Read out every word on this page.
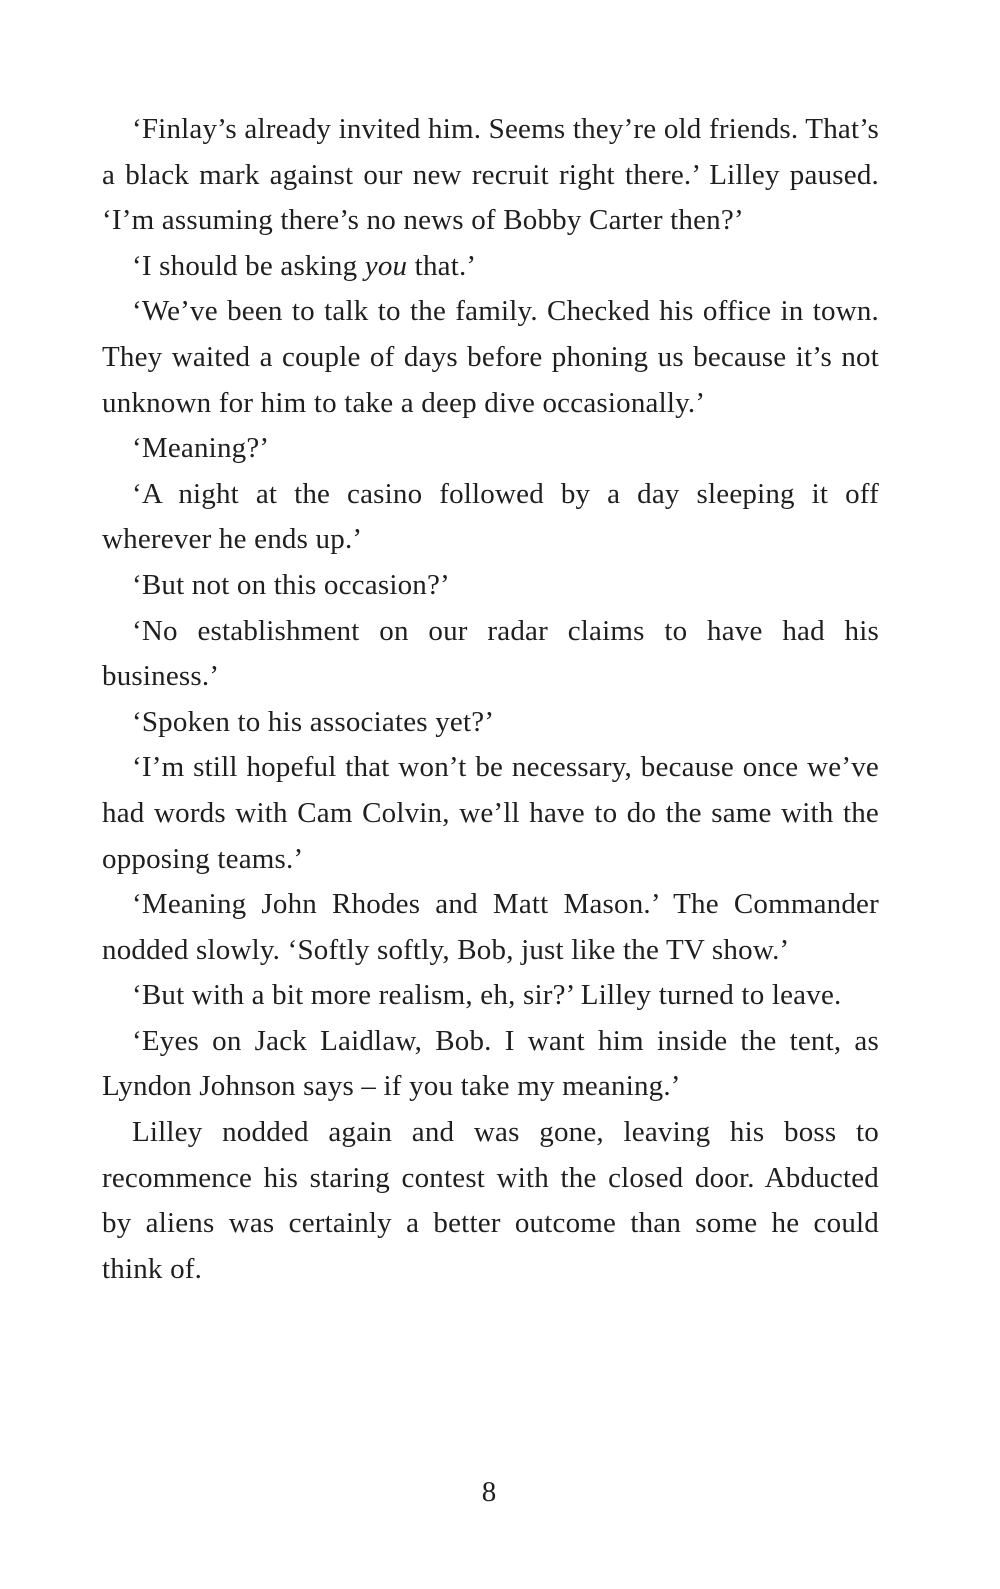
‘Finlay’s already invited him. Seems they’re old friends. That’s a black mark against our new recruit right there.’ Lilley paused. ‘I’m assuming there’s no news of Bobby Carter then?’

‘I should be asking you that.’

‘We’ve been to talk to the family. Checked his office in town. They waited a couple of days before phoning us because it’s not unknown for him to take a deep dive occasionally.’

‘Meaning?’

‘A night at the casino followed by a day sleeping it off wherever he ends up.’

‘But not on this occasion?’

‘No establishment on our radar claims to have had his business.’

‘Spoken to his associates yet?’

‘I’m still hopeful that won’t be necessary, because once we’ve had words with Cam Colvin, we’ll have to do the same with the opposing teams.’

‘Meaning John Rhodes and Matt Mason.’ The Commander nodded slowly. ‘Softly softly, Bob, just like the TV show.’

‘But with a bit more realism, eh, sir?’ Lilley turned to leave.

‘Eyes on Jack Laidlaw, Bob. I want him inside the tent, as Lyndon Johnson says – if you take my meaning.’

Lilley nodded again and was gone, leaving his boss to recommence his staring contest with the closed door. Abducted by aliens was certainly a better outcome than some he could think of.

8
